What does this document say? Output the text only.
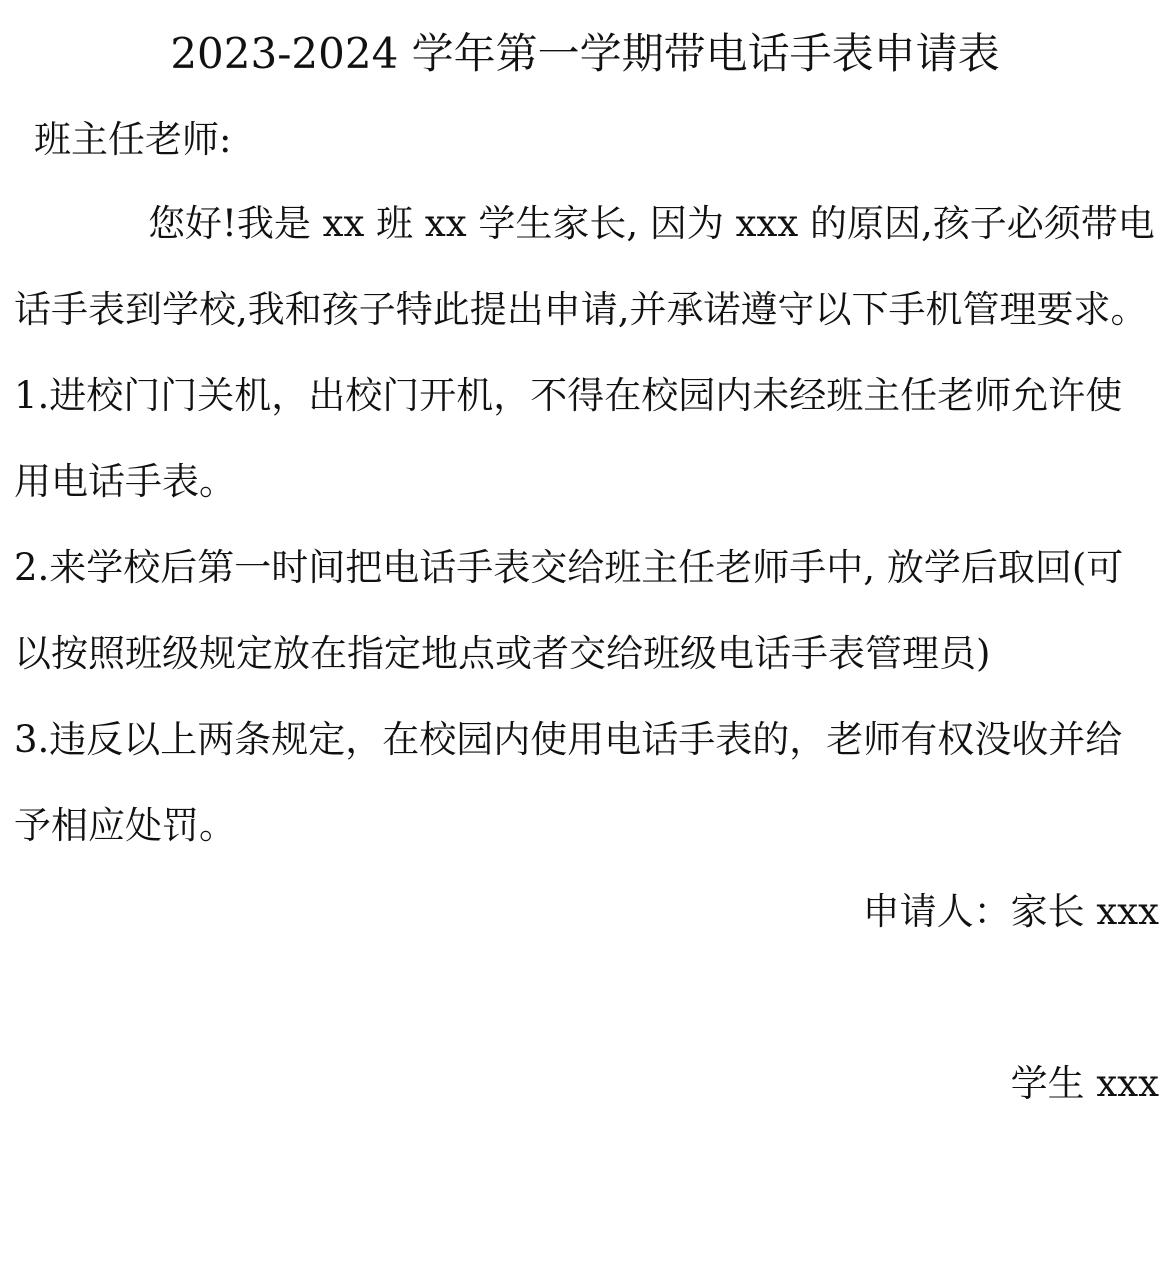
2023-2024 学年第一学期带电话手表申请表
班主任老师:
您好!我是 xx 班 xx 学生家长, 因为 xxx 的原因,孩子必须带电
话手表到学校,我和孩子特此提出申请,并承诺遵守以下手机管理要求。
1.进校门门关机，出校门开机，不得在校园内未经班主任老师允许使
用电话手表。
2.来学校后第一时间把电话手表交给班主任老师手中, 放学后取回(可
以按照班级规定放在指定地点或者交给班级电话手表管理员)
3.违反以上两条规定，在校园内使用电话手表的，老师有权没收并给
予相应处罚。
申请人：家长 xxx
学生 xxx
